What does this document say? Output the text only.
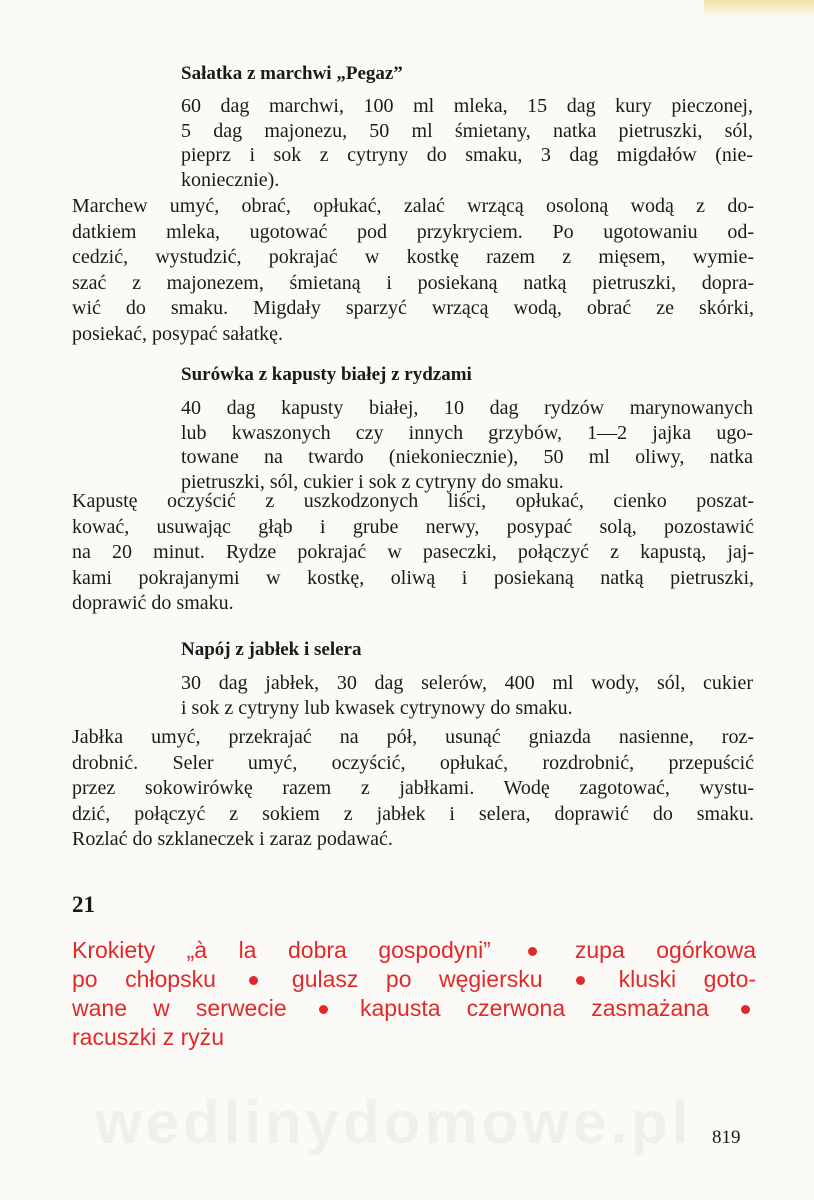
Sałatka z marchwi „Pegaz”

60 dag marchwi, 100 ml mleka, 15 dag kury pieczonej,
5 dag majonezu, 50 ml śmietany, natka pietruszki, sól,
pieprz i sok z cytryny do smaku, 3 dag migdałów (nie-
koniecznie).

Marchew umyć, obrać, opłukać, zalać wrzącą osoloną wodą z do-
datkiem mleka, ugotować pod przykryciem. Po ugotowaniu od-
cedzić, wystudzić, pokrajać w kostkę razem z mięsem, wymie-
szać z majonezem, śmietaną i posiekaną natką pietruszki, dopra-
wić do smaku. Migdały sparzyć wrzącą wodą, obrać ze skórki,
posiekać, posypać sałatkę.

Surówka z kapusty białej z rydzami

40 dag kapusty białej, 10 dag rydzów marynowanych
lub kwaszonych czy innych grzybów, 1—2 jajka ugo-
towane na twardo (niekoniecznie), 50 ml oliwy, natka
pietruszki, sól, cukier i sok z cytryny do smaku.

Kapustę oczyścić z uszkodzonych liści, opłukać, cienko poszat-
kować, usuwając głąb i grube nerwy, posypać solą, pozostawić
na 20 minut. Rydze pokrajać w paseczki, połączyć z kapustą, jaj-
kami pokrajanymi w kostkę, oliwą i posiekaną natką pietruszki,
doprawić do smaku.

Napój z jabłek i selera

30 dag jabłek, 30 dag selerów, 400 ml wody, sól, cukier
i sok z cytryny lub kwasek cytrynowy do smaku.

Jabłka umyć, przekrajać na pół, usunąć gniazda nasienne, roz-
drobnić. Seler umyć, oczyścić, opłukać, rozdrobnić, przepuścić
przez sokowirówkę razem z jabłkami. Wodę zagotować, wystu-
dzić, połączyć z sokiem z jabłek i selera, doprawić do smaku.
Rozlać do szklaneczek i zaraz podawać.

21

Krokiety „à la dobra gospodyni”	zupa ogórkowa
po chłopsku	gulasz po węgiersku	kluski goto-
wane w serwecie	kapusta czerwona zasmażana
racuszki z ryżu

wedlinydomowe.pl 819
